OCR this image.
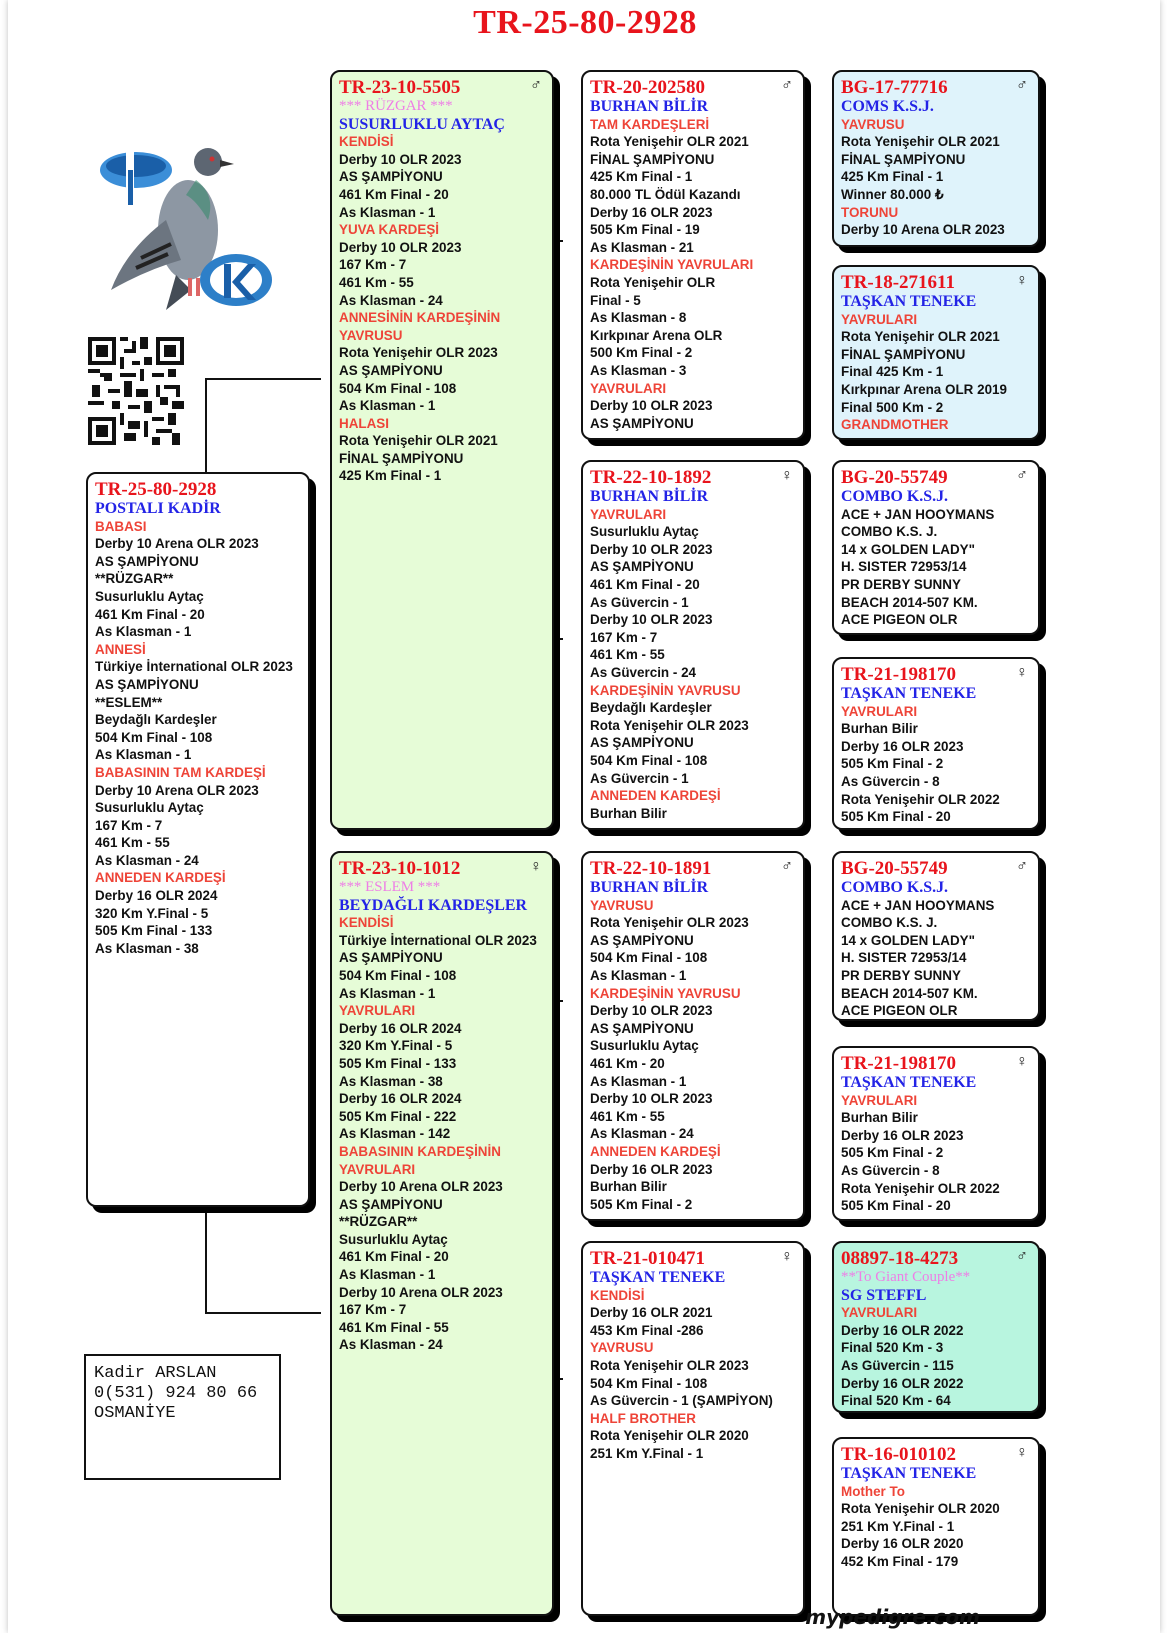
TR-25-80-2928
TR-25-80-2928
POSTALI KADİR
BABASI
Derby 10 Arena OLR 2023
AS ŞAMPİYONU
**RÜZGAR**
Susurluklu Aytaç
461 Km Final - 20
As Klasman - 1
ANNESİ
Türkiye İnternational OLR 2023
AS ŞAMPİYONU
**ESLEM**
Beydağlı Kardeşler
504 Km Final - 108
As Klasman - 1
BABASININ TAM KARDEŞİ
Derby 10 Arena OLR 2023
Susurluklu Aytaç
167 Km - 7
461 Km - 55
As Klasman - 24
ANNEDEN KARDEŞİ
Derby 16 OLR 2024
320 Km Y.Final - 5
505 Km Final - 133
As Klasman - 38
TR-23-10-5505	♂
*** RÜZGAR ***
SUSURLUKLU AYTAÇ
KENDİSİ
Derby 10 OLR 2023
AS ŞAMPİYONU
461 Km Final - 20
As Klasman - 1
YUVA KARDEŞİ
Derby 10 OLR 2023
167 Km - 7
461 Km - 55
As Klasman - 24
ANNESİNİN KARDEŞİNİN
YAVRUSU
Rota Yenişehir OLR 2023
AS ŞAMPİYONU
504 Km Final - 108
As Klasman - 1
HALASI
Rota Yenişehir OLR 2021
FİNAL ŞAMPİYONU
425 Km Final - 1
TR-23-10-1012	♀
*** ESLEM ***
BEYDAĞLI KARDEŞLER
KENDİSİ
Türkiye İnternational OLR 2023
AS ŞAMPİYONU
504 Km Final - 108
As Klasman - 1
YAVRULARI
Derby 16 OLR 2024
320 Km Y.Final - 5
505 Km Final - 133
As Klasman - 38
Derby 16 OLR 2024
505 Km Final - 222
As Klasman - 142
BABASININ KARDEŞİNİN
YAVRULARI
Derby 10 Arena OLR 2023
AS ŞAMPİYONU
**RÜZGAR**
Susurluklu Aytaç
461 Km Final - 20
As Klasman - 1
Derby 10 Arena OLR 2023
167 Km - 7
461 Km Final - 55
As Klasman - 24
TR-20-202580	♂
BURHAN BİLİR
TAM KARDEŞLERİ
Rota Yenişehir OLR 2021
FİNAL ŞAMPİYONU
425 Km Final - 1
80.000 TL Ödül Kazandı
Derby 16 OLR 2023
505 Km Final - 19
As Klasman - 21
KARDEŞİNİN YAVRULARI
Rota Yenişehir OLR
Final - 5
As Klasman - 8
Kırkpınar Arena OLR
500 Km Final - 2
As Klasman - 3
YAVRULARI
Derby 10 OLR 2023
AS ŞAMPİYONU
TR-22-10-1892	♀
BURHAN BİLİR
YAVRULARI
Susurluklu Aytaç
Derby 10 OLR 2023
AS ŞAMPİYONU
461 Km Final - 20
As Güvercin - 1
Derby 10 OLR 2023
167 Km - 7
461 Km - 55
As Güvercin - 24
KARDEŞİNİN YAVRUSU
Beydağlı Kardeşler
Rota Yenişehir OLR 2023
AS ŞAMPİYONU
504 Km Final - 108
As Güvercin - 1
ANNEDEN KARDEŞİ
Burhan Bilir
TR-22-10-1891	♂
BURHAN BİLİR
YAVRUSU
Rota Yenişehir OLR 2023
AS ŞAMPİYONU
504 Km Final - 108
As Klasman - 1
KARDEŞİNİN YAVRUSU
Derby 10 OLR 2023
AS ŞAMPİYONU
Susurluklu Aytaç
461 Km - 20
As Klasman - 1
Derby 10 OLR 2023
461 Km - 55
As Klasman - 24
ANNEDEN KARDEŞİ
Derby 16 OLR 2023
Burhan Bilir
505 Km Final - 2
TR-21-010471	♀
TAŞKAN TENEKE
KENDİSİ
Derby 16 OLR 2021
453 Km Final -286
YAVRUSU
Rota Yenişehir OLR 2023
504 Km Final - 108
As Güvercin - 1 (ŞAMPİYON)
HALF BROTHER
Rota Yenişehir OLR 2020
251 Km Y.Final - 1
BG-17-77716	♂
COMS K.S.J.
YAVRUSU
Rota Yenişehir OLR 2021
FİNAL ŞAMPİYONU
425 Km Final - 1
Winner 80.000 ₺
TORUNU
Derby 10 Arena OLR 2023
TR-18-271611	♀
TAŞKAN TENEKE
YAVRULARI
Rota Yenişehir OLR 2021
FİNAL ŞAMPİYONU
Final 425 Km - 1
Kırkpınar Arena OLR 2019
Final 500 Km - 2
GRANDMOTHER
BG-20-55749	♂
COMBO K.S.J.
ACE + JAN HOOYMANS
COMBO K.S. J.
14 x GOLDEN LADY"
H. SISTER 72953/14
PR DERBY SUNNY
BEACH 2014-507 KM.
ACE PIGEON OLR
TR-21-198170	♀
TAŞKAN TENEKE
YAVRULARI
Burhan Bilir
Derby 16 OLR 2023
505 Km Final - 2
As Güvercin - 8
Rota Yenişehir OLR 2022
505 Km Final - 20
BG-20-55749	♂
COMBO K.S.J.
ACE + JAN HOOYMANS
COMBO K.S. J.
14 x GOLDEN LADY"
H. SISTER 72953/14
PR DERBY SUNNY
BEACH 2014-507 KM.
ACE PIGEON OLR
TR-21-198170	♀
TAŞKAN TENEKE
YAVRULARI
Burhan Bilir
Derby 16 OLR 2023
505 Km Final - 2
As Güvercin - 8
Rota Yenişehir OLR 2022
505 Km Final - 20
08897-18-4273	♂
**To Giant Couple**
SG STEFFL
YAVRULARI
Derby 16 OLR 2022
Final 520 Km - 3
As Güvercin - 115
Derby 16 OLR 2022
Final 520 Km - 64
TR-16-010102	♀
TAŞKAN TENEKE
Mother To
Rota Yenişehir OLR 2020
251 Km Y.Final - 1
Derby 16 OLR 2020
452 Km Final - 179
Kadir ARSLAN
0(531) 924 80 66
OSMANİYE
mypedigre.com
